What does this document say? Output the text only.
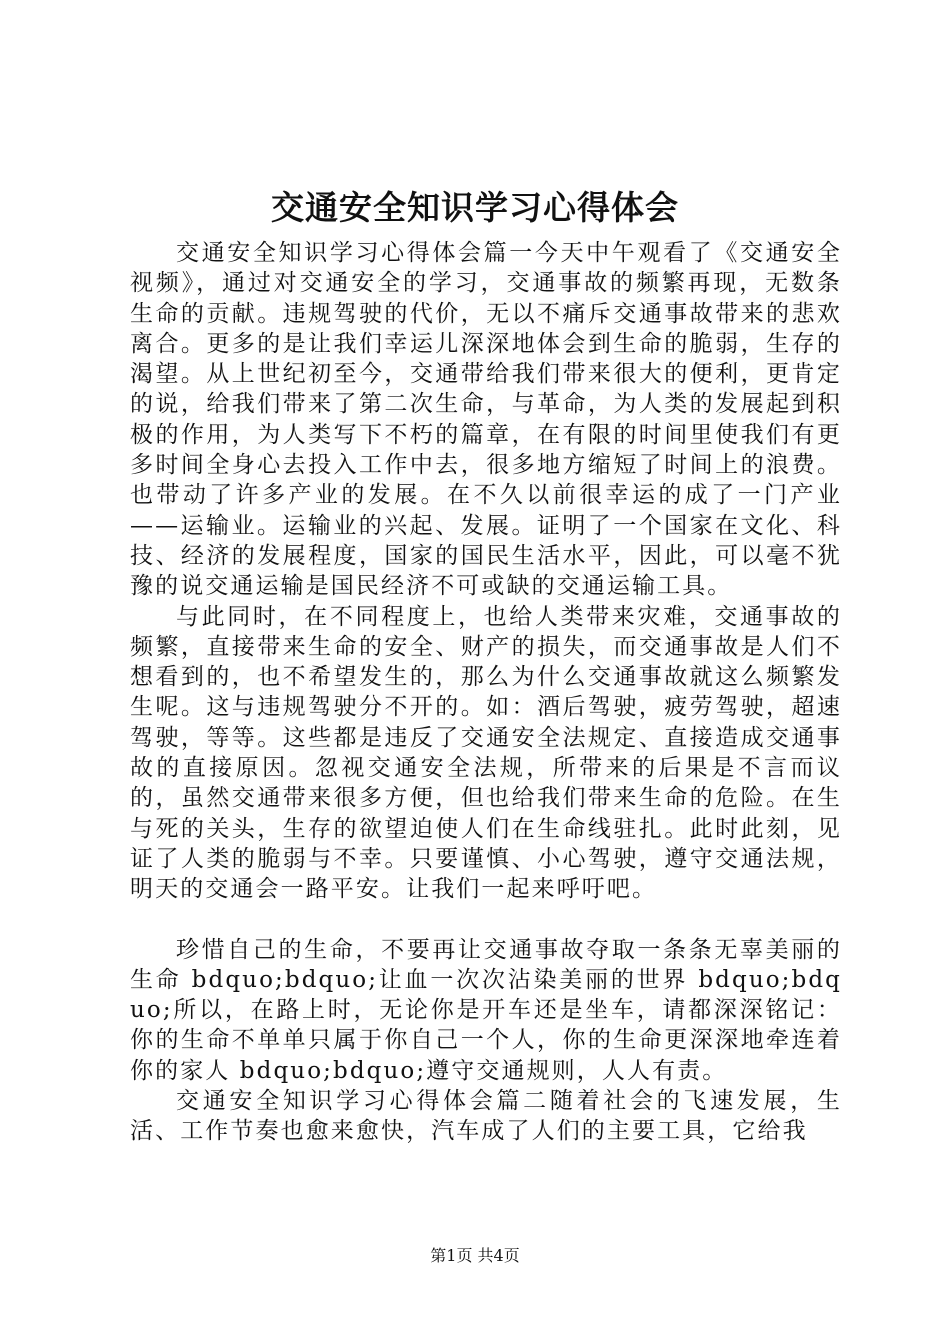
交通安全知识学习心得体会

交通安全知识学习心得体会篇一今天中午观看了《交通安全视频》，通过对交通安全的学习，交通事故的频繁再现，无数条生命的贡献。违规驾驶的代价，无以不痛斥交通事故带来的悲欢离合。更多的是让我们幸运儿深深地体会到生命的脆弱，生存的渴望。从上世纪初至今，交通带给我们带来很大的便利，更肯定的说，给我们带来了第二次生命，与革命，为人类的发展起到积极的作用，为人类写下不朽的篇章，在有限的时间里使我们有更多时间全身心去投入工作中去，很多地方缩短了时间上的浪费。也带动了许多产业的发展。在不久以前很幸运的成了一门产业——运输业。运输业的兴起、发展。证明了一个国家在文化、科技、经济的发展程度，国家的国民生活水平，因此，可以毫不犹豫的说交通运输是国民经济不可或缺的交通运输工具。

与此同时，在不同程度上，也给人类带来灾难，交通事故的频繁，直接带来生命的安全、财产的损失，而交通事故是人们不想看到的，也不希望发生的，那么为什么交通事故就这么频繁发生呢。这与违规驾驶分不开的。如：酒后驾驶，疲劳驾驶，超速驾驶，等等。这些都是违反了交通安全法规定、直接造成交通事故的直接原因。忽视交通安全法规，所带来的后果是不言而议的，虽然交通带来很多方便，但也给我们带来生命的危险。在生与死的关头，生存的欲望迫使人们在生命线驻扎。此时此刻，见证了人类的脆弱与不幸。只要谨慎、小心驾驶，遵守交通法规，明天的交通会一路平安。让我们一起来呼吁吧。

珍惜自己的生命，不要再让交通事故夺取一条条无辜美丽的生命 bdquo;bdquo;让血一次次沾染美丽的世界 bdquo;bdquo;所以，在路上时，无论你是开车还是坐车，请都深深铭记：你的生命不单单只属于你自己一个人，你的生命更深深地牵连着你的家人 bdquo;bdquo;遵守交通规则，人人有责。

交通安全知识学习心得体会篇二随着社会的飞速发展，生活、工作节奏也愈来愈快，汽车成了人们的主要工具，它给我

第1页 共4页
